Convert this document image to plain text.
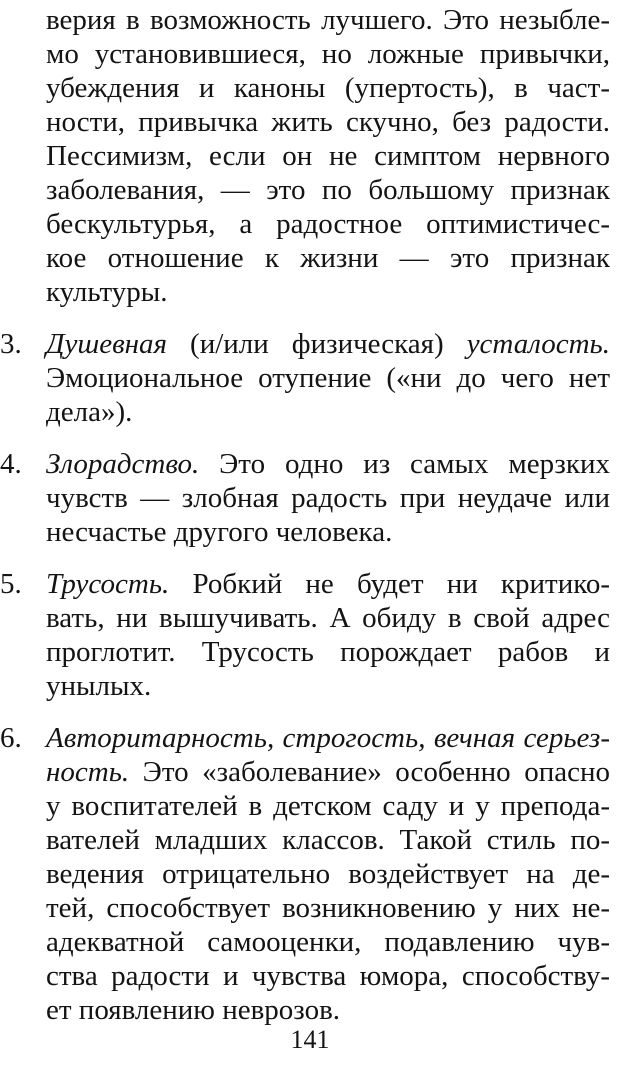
верия в возможность лучшего. Это незыбле-
мо установившиеся, но ложные привычки,
убеждения и каноны (упертость), в част-
ности, привычка жить скучно, без радости.
Пессимизм, если он не симптом нервного
заболевания, — это по большому признак
бескультурья, а радостное оптимистичес-
кое отношение к жизни — это признак
культуры.
3. Душевная (и/или физическая) усталость.
Эмоциональное отупение («ни до чего нет
дела»).
4. Злорадство. Это одно из самых мерзких
чувств — злобная радость при неудаче или
несчастье другого человека.
5. Трусость. Робкий не будет ни критико-
вать, ни вышучивать. А обиду в свой адрес
проглотит. Трусость порождает рабов и
унылых.
6. Авторитарность, строгость, вечная серьез-
ность. Это «заболевание» особенно опасно
у воспитателей в детском саду и у препода-
вателей младших классов. Такой стиль по-
ведения отрицательно воздействует на де-
тей, способствует возникновению у них не-
адекватной самооценки, подавлению чув-
ства радости и чувства юмора, способству-
ет появлению неврозов.
141
